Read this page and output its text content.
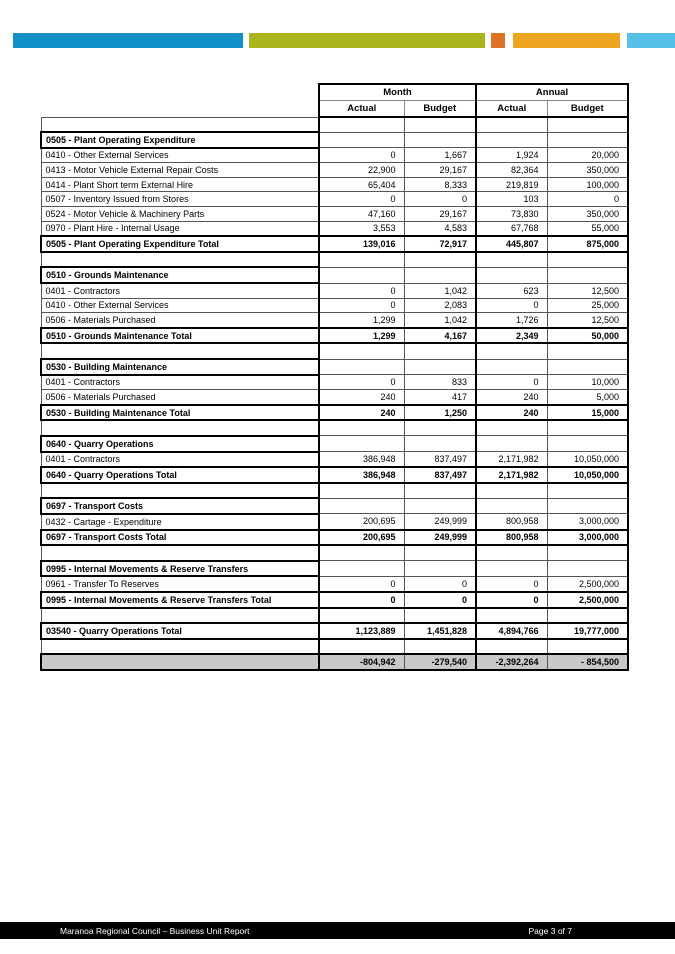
	Month		Annual	
	Actual	Budget	Actual	Budget

0505 - Plant Operating Expenditure				
0410 - Other External Services	0	1,667	1,924	20,000
0413 - Motor Vehicle External Repair Costs	22,900	29,167	82,364	350,000
0414 - Plant Short term External Hire	65,404	8,333	219,819	100,000
0507 - Inventory Issued from Stores	0	0	103	0
0524 - Motor Vehicle & Machinery Parts	47,160	29,167	73,830	350,000
0970 - Plant Hire - Internal Usage	3,553	4,583	67,768	55,000
0505 - Plant Operating Expenditure Total	139,016	72,917	445,807	875,000

0510 - Grounds Maintenance				
0401 - Contractors	0	1,042	623	12,500
0410 - Other External Services	0	2,083	0	25,000
0506 - Materials Purchased	1,299	1,042	1,726	12,500
0510 - Grounds Maintenance Total	1,299	4,167	2,349	50,000

0530 - Building Maintenance				
0401 - Contractors	0	833	0	10,000
0506 - Materials Purchased	240	417	240	5,000
0530 - Building Maintenance Total	240	1,250	240	15,000

0640 - Quarry Operations				
0401 - Contractors	386,948	837,497	2,171,982	10,050,000
0640 - Quarry Operations Total	386,948	837,497	2,171,982	10,050,000

0697 - Transport Costs				
0432 - Cartage - Expenditure	200,695	249,999	800,958	3,000,000
0697 - Transport Costs Total	200,695	249,999	800,958	3,000,000

0995 - Internal Movements & Reserve Transfers				
0961 - Transfer To Reserves	0	0	0	2,500,000
0995 - Internal Movements & Reserve Transfers Total	0	0	0	2,500,000

03540 - Quarry Operations Total	1,123,889	1,451,828	4,894,766	19,777,000

	-804,942	-279,540	-2,392,264	- 854,500
Maranoa Regional Council – Business Unit Report	Page 3 of 7
